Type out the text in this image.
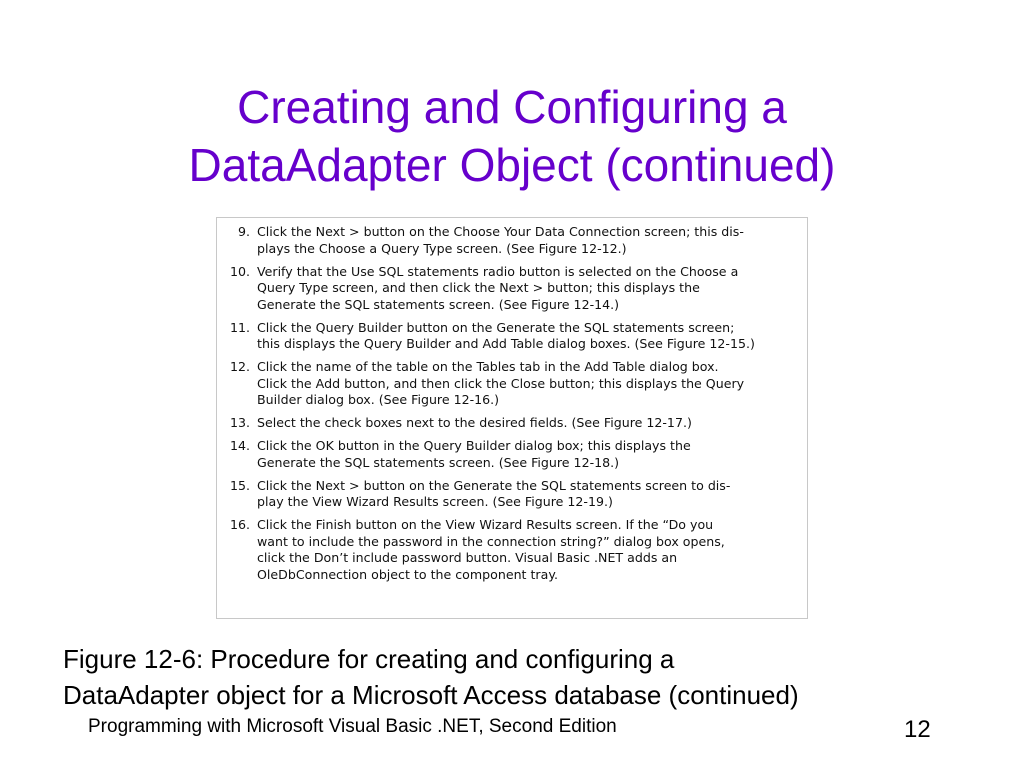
Creating and Configuring a
DataAdapter Object (continued)
9. Click the Next > button on the Choose Your Data Connection screen; this dis-
plays the Choose a Query Type screen. (See Figure 12-12.)
10. Verify that the Use SQL statements radio button is selected on the Choose a
Query Type screen, and then click the Next > button; this displays the
Generate the SQL statements screen. (See Figure 12-14.)
11. Click the Query Builder button on the Generate the SQL statements screen;
this displays the Query Builder and Add Table dialog boxes. (See Figure 12-15.)
12. Click the name of the table on the Tables tab in the Add Table dialog box.
Click the Add button, and then click the Close button; this displays the Query
Builder dialog box. (See Figure 12-16.)
13. Select the check boxes next to the desired fields. (See Figure 12-17.)
14. Click the OK button in the Query Builder dialog box; this displays the
Generate the SQL statements screen. (See Figure 12-18.)
15. Click the Next > button on the Generate the SQL statements screen to dis-
play the View Wizard Results screen. (See Figure 12-19.)
16. Click the Finish button on the View Wizard Results screen. If the “Do you
want to include the password in the connection string?” dialog box opens,
click the Don’t include password button. Visual Basic .NET adds an
OleDbConnection object to the component tray.

Figure 12-6: Procedure for creating and configuring a
DataAdapter object for a Microsoft Access database (continued)

Programming with Microsoft Visual Basic .NET, Second Edition	12
